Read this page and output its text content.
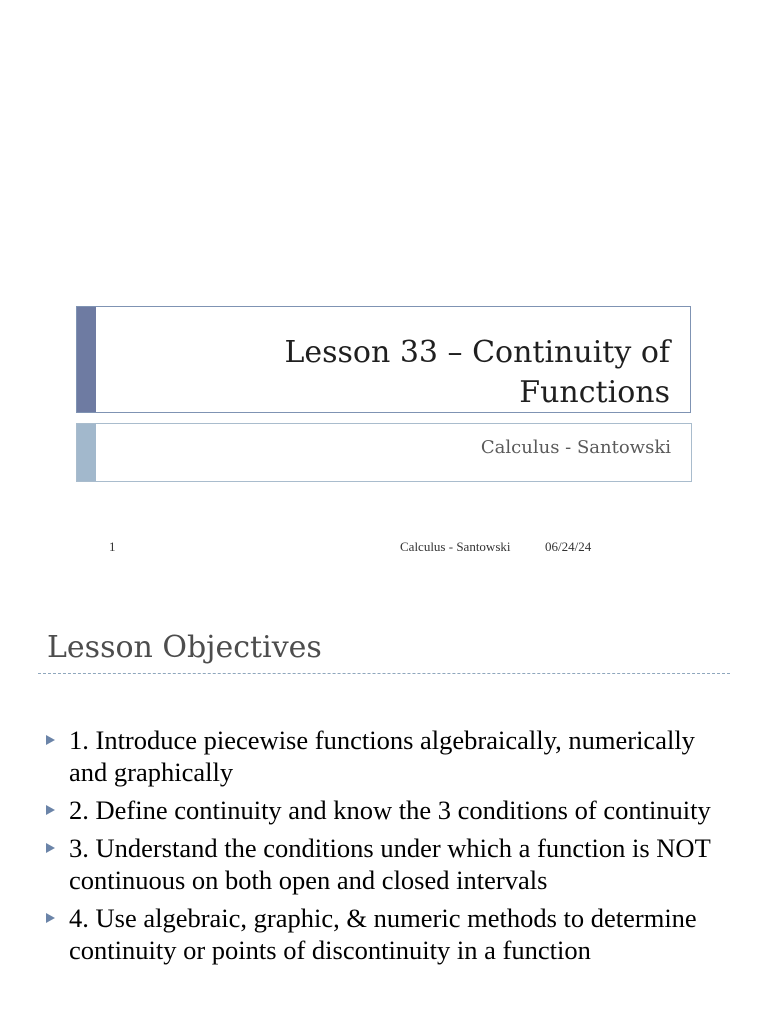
Lesson 33 – Continuity of Functions
Calculus - Santowski
1	Calculus - Santowski	06/24/24
Lesson Objectives
1. Introduce piecewise functions algebraically, numerically and graphically
2. Define continuity and know the 3 conditions of continuity
3. Understand the conditions under which a function is NOT continuous on both open and closed intervals
4. Use algebraic, graphic, & numeric methods to determine continuity or points of discontinuity in a function
